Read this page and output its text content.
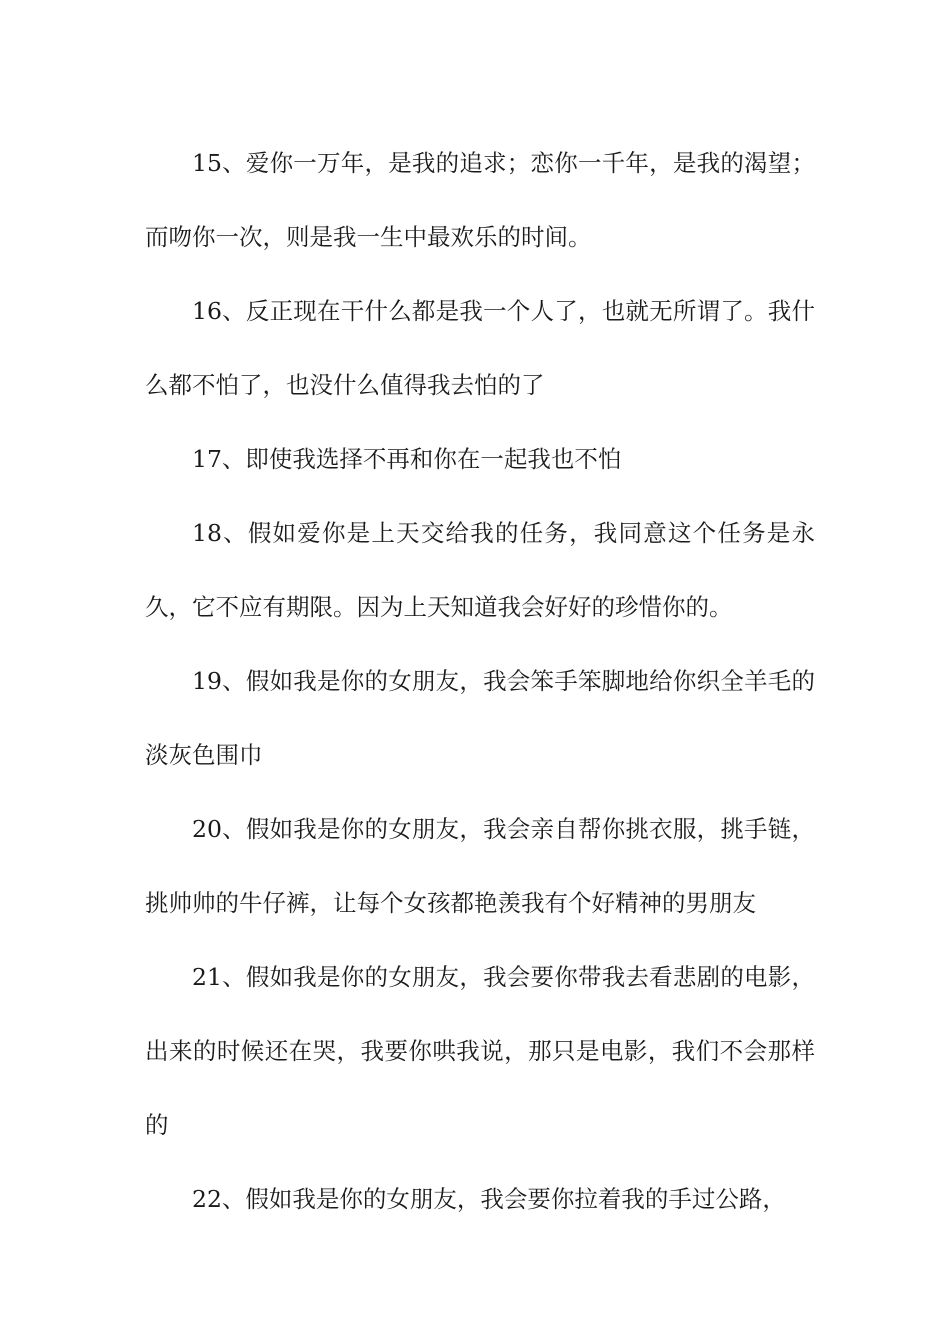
15、爱你一万年，是我的追求；恋你一千年，是我的渴望；而吻你一次，则是我一生中最欢乐的时间。

16、反正现在干什么都是我一个人了，也就无所谓了。我什么都不怕了，也没什么值得我去怕的了

17、即使我选择不再和你在一起我也不怕

18、假如爱你是上天交给我的任务，我同意这个任务是永久，它不应有期限。因为上天知道我会好好的珍惜你的。

19、假如我是你的女朋友，我会笨手笨脚地给你织全羊毛的淡灰色围巾

20、假如我是你的女朋友，我会亲自帮你挑衣服，挑手链，挑帅帅的牛仔裤，让每个女孩都艳羡我有个好精神的男朋友

21、假如我是你的女朋友，我会要你带我去看悲剧的电影，出来的时候还在哭，我要你哄我说，那只是电影，我们不会那样的

22、假如我是你的女朋友，我会要你拉着我的手过公路，
